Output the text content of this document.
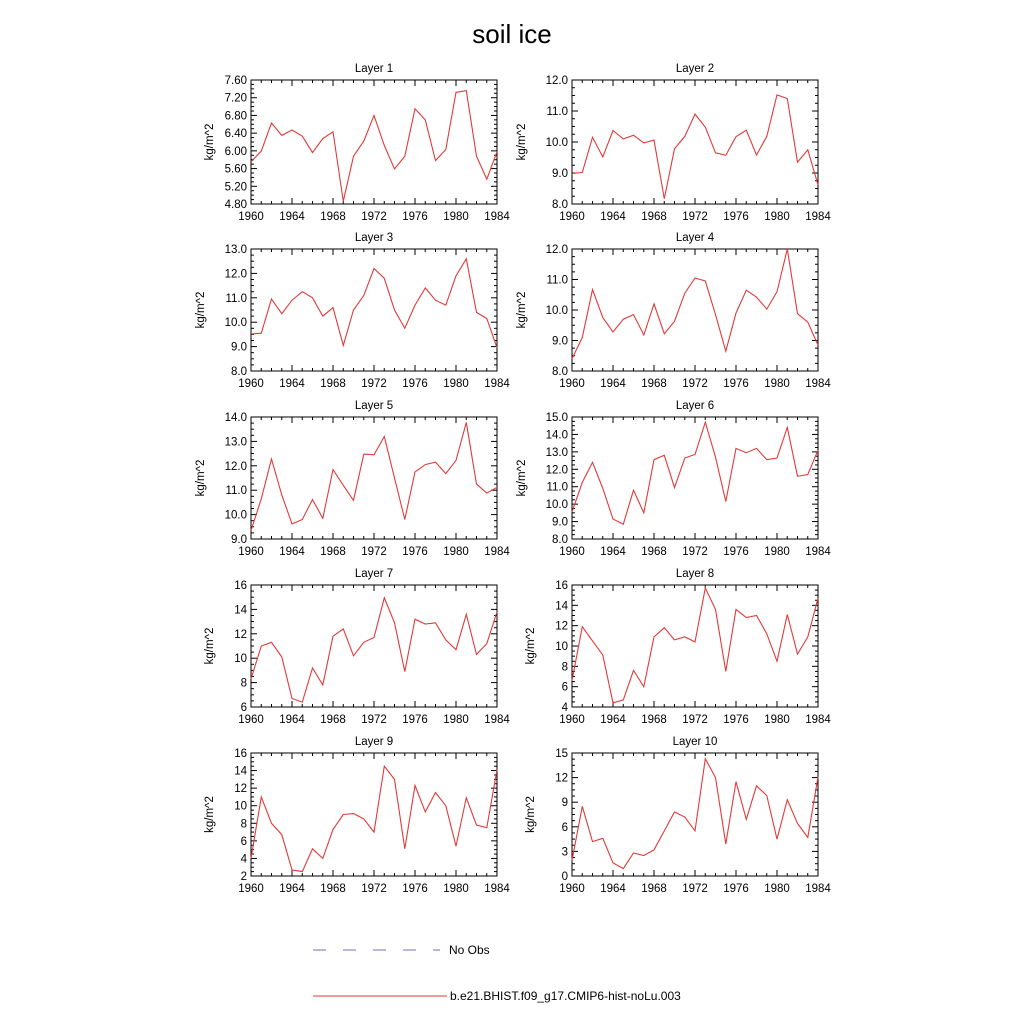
soil ice
Layer 1
1960 1964 1968 1972 1976 1980 1984
4.80
5.20
5.60
6.00
6.40
6.80
7.20
7.60
kg/m^2
Layer 2
1960 1964 1968 1972 1976 1980 1984
8.0
9.0
10.0
11.0
12.0
kg/m^2
Layer 3
1960 1964 1968 1972 1976 1980 1984
8.0
9.0
10.0
11.0
12.0
13.0
kg/m^2
Layer 4
1960 1964 1968 1972 1976 1980 1984
8.0
9.0
10.0
11.0
12.0
kg/m^2
Layer 5
1960 1964 1968 1972 1976 1980 1984
9.0
10.0
11.0
12.0
13.0
14.0
kg/m^2
Layer 6
1960 1964 1968 1972 1976 1980 1984
8.0
9.0
10.0
11.0
12.0
13.0
14.0
15.0
kg/m^2
Layer 7
1960 1964 1968 1972 1976 1980 1984
6
8
10
12
14
16
kg/m^2
Layer 8
1960 1964 1968 1972 1976 1980 1984
4
6
8
10
12
14
16
kg/m^2
Layer 9
1960 1964 1968 1972 1976 1980 1984
2
4
6
8
10
12
14
16
kg/m^2
Layer 10
1960 1964 1968 1972 1976 1980 1984
0
3
6
9
12
15
kg/m^2
No Obs
b.e21.BHIST.f09_g17.CMIP6-hist-noLu.003
